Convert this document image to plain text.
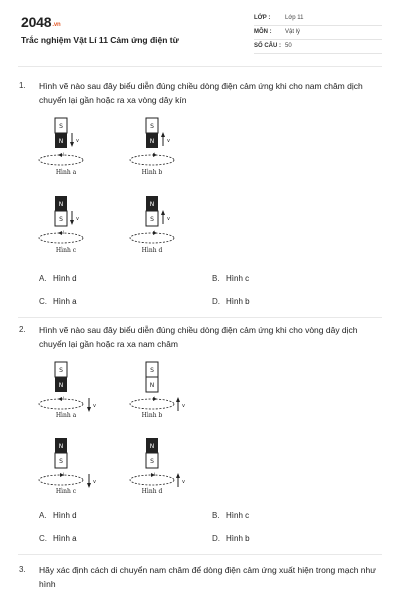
2048.vn
Trắc nghiệm Vật Lí 11 Cảm ứng điện từ
LỚP : Lớp 11
MÔN : Vật lý
SỐ CÂU : 50
1. Hình vẽ nào sau đây biểu diễn đúng chiều dòng điện cảm ứng khi cho nam châm dịch chuyển lại gần hoặc ra xa vòng dây kín
S
N	v
I
Hình a
S
N	v
I
Hình b
N
S	v
I
Hình c
N
S	v
I
Hình d
A. Hình d	B. Hình c
C. Hình a	D. Hình b
2. Hình vẽ nào sau đây biểu diễn đúng chiều dòng điện cảm ứng khi cho vòng dây dịch chuyển lại gần hoặc ra xa nam châm
S
N
I
v
Hình a
S
N
I
v
Hình b
N
S
I
v
Hình c
N
S
I
v
Hình d
A. Hình d	B. Hình c
C. Hình a	D. Hình b
3. Hãy xác định cách di chuyển nam châm để dòng điện cảm ứng xuất hiện trong mạch như hình
